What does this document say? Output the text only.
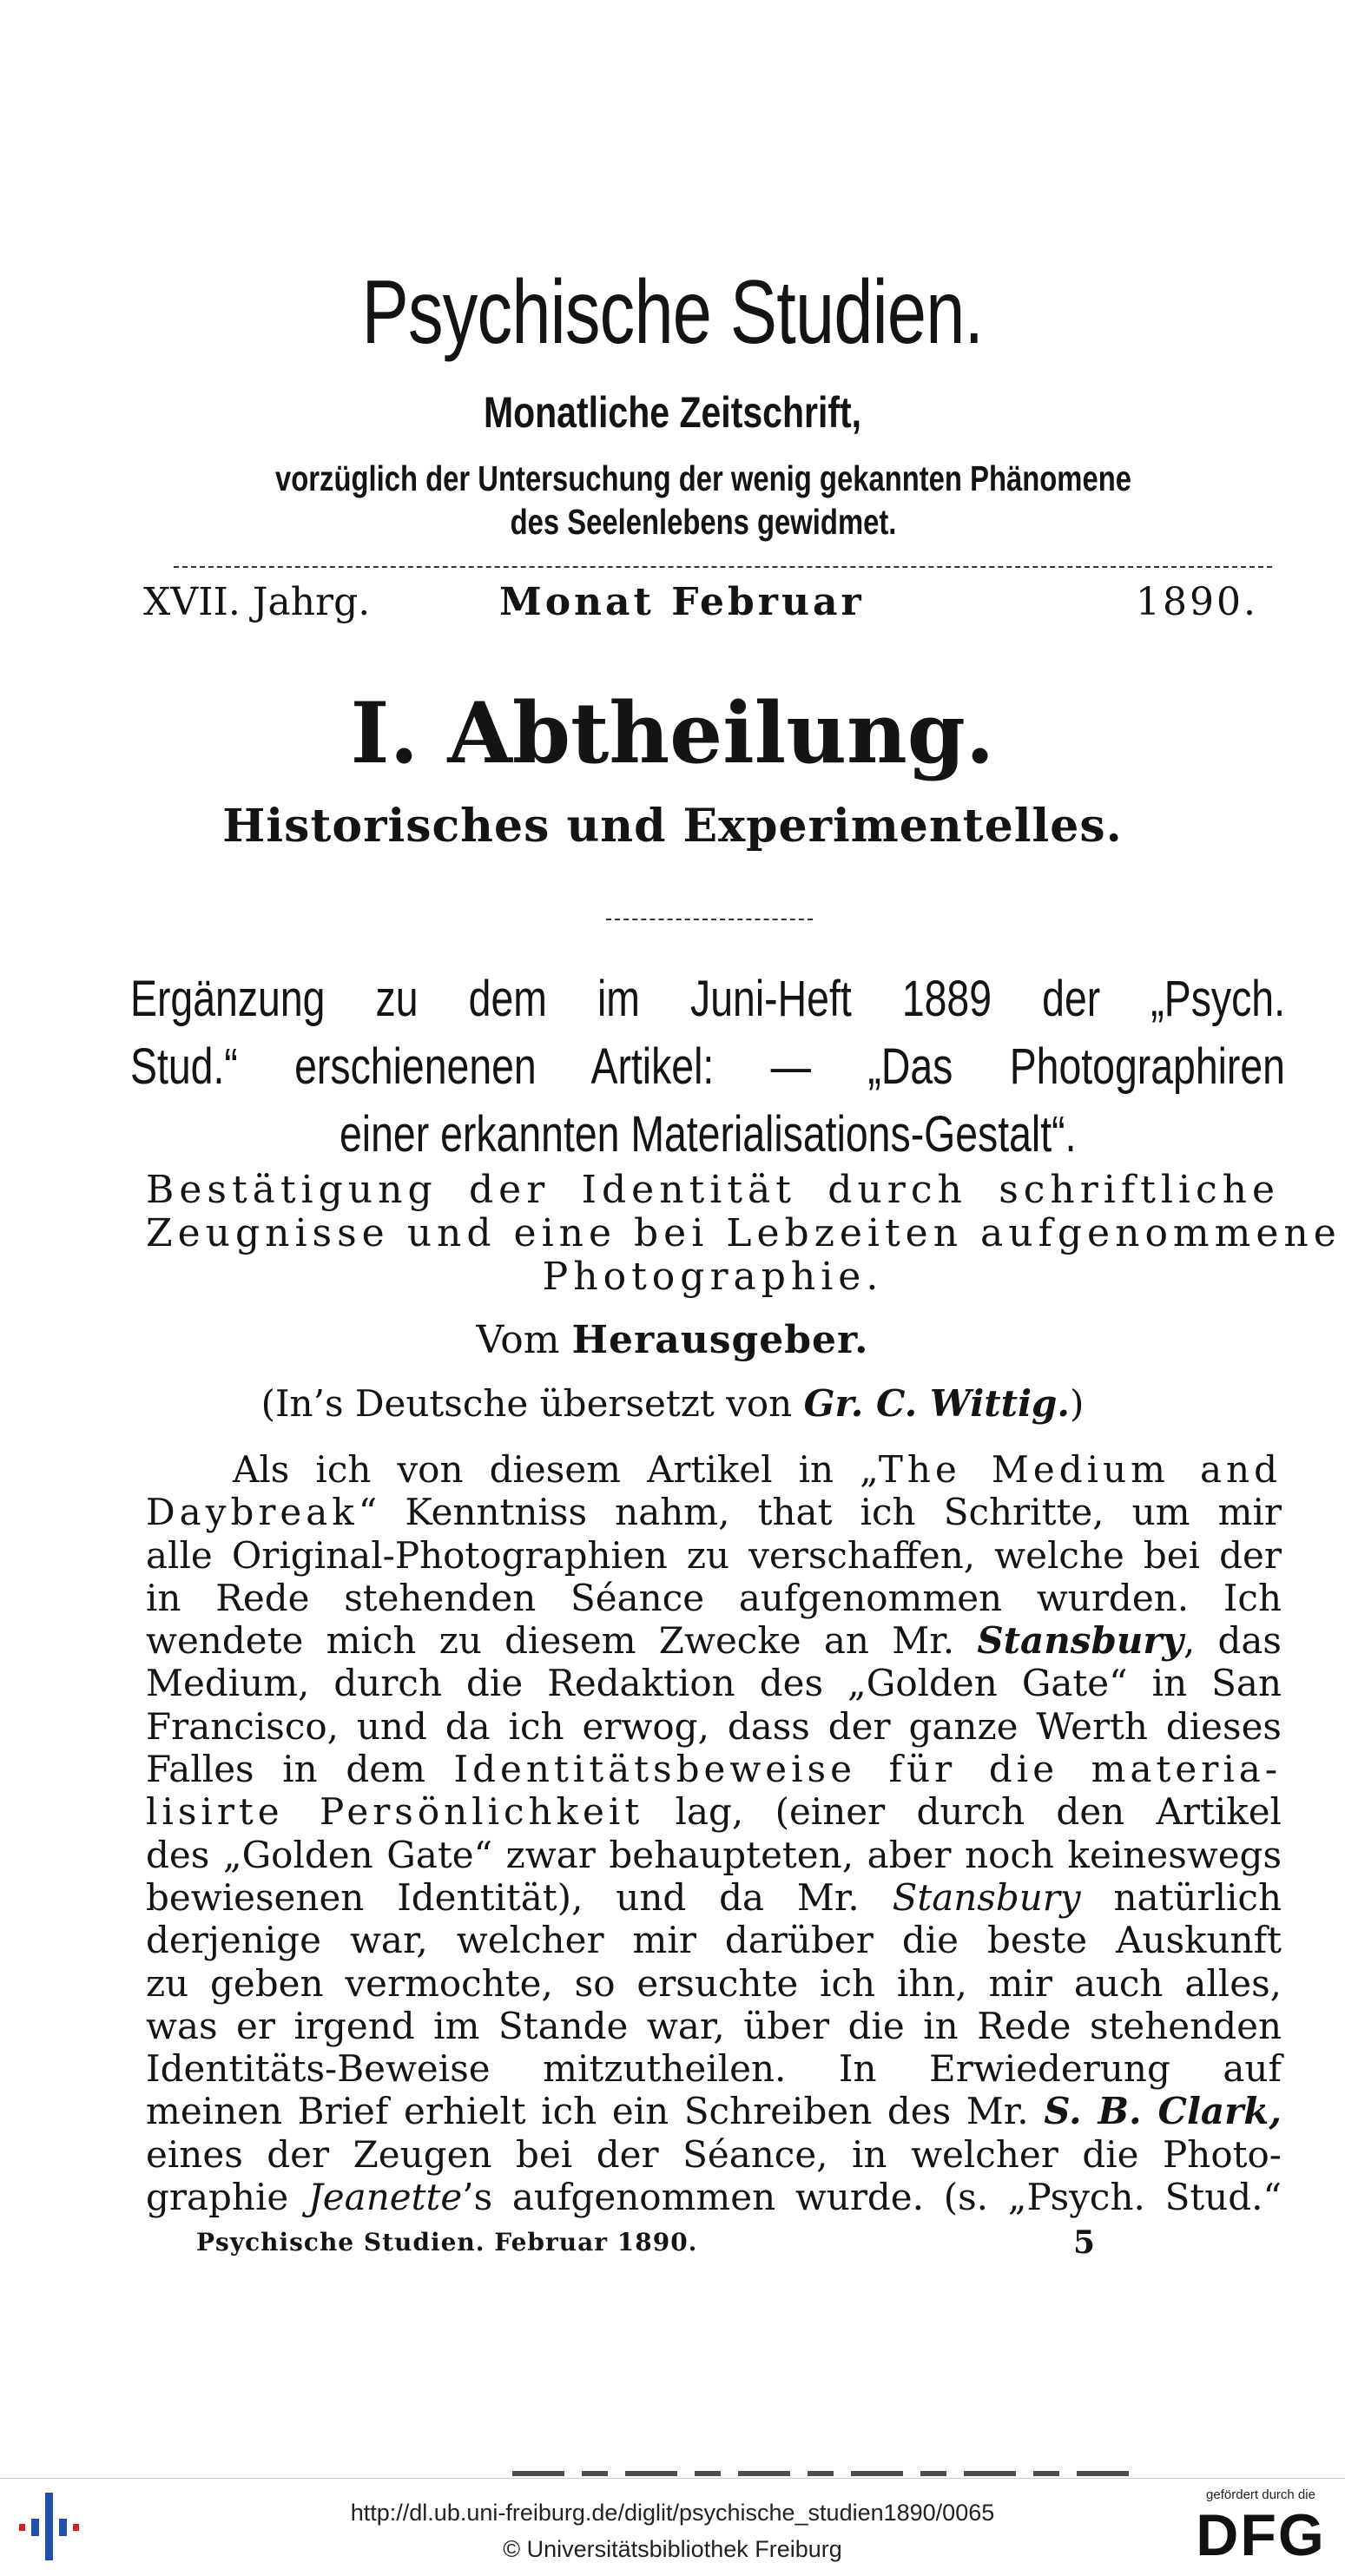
Psychische Studien.
Monatliche Zeitschrift,
vorzüglich der Untersuchung der wenig gekannten Phänomene des Seelenlebens gewidmet.
XVII. Jahrg.	Monat Februar	1890.
I. Abtheilung.
Historisches und Experimentelles.
Ergänzung zu dem im Juni-Heft 1889 der „Psych.
Stud.“ erschienenen Artikel: — „Das Photographiren
einer erkannten Materialisations-Gestalt“.
Bestätigung der Identität durch schriftliche
Zeugnisse und eine bei Lebzeiten aufgenommene
Photographie.
Vom Herausgeber.
(In’s Deutsche übersetzt von Gr. C. Wittig.)
Als ich von diesem Artikel in „The Medium and
Daybreak“ Kenntniss nahm, that ich Schritte, um mir
alle Original-Photographien zu verschaffen, welche bei der
in Rede stehenden Séance aufgenommen wurden. Ich
wendete mich zu diesem Zwecke an Mr. Stansbury, das
Medium, durch die Redaktion des „Golden Gate“ in San
Francisco, und da ich erwog, dass der ganze Werth dieses
Falles in dem Identitätsbeweise für die materia-
lisirte Persönlichkeit lag, (einer durch den Artikel
des „Golden Gate“ zwar behaupteten, aber noch keineswegs
bewiesenen Identität), und da Mr. Stansbury natürlich
derjenige war, welcher mir darüber die beste Auskunft
zu geben vermochte, so ersuchte ich ihn, mir auch alles,
was er irgend im Stande war, über die in Rede stehenden
Identitäts-Beweise mitzutheilen. In Erwiederung auf
meinen Brief erhielt ich ein Schreiben des Mr. S. B. Clark,
eines der Zeugen bei der Séance, in welcher die Photo-
graphie Jeanette’s aufgenommen wurde. (s. „Psych. Stud.“
Psychische Studien. Februar 1890.	5
http://dl.ub.uni-freiburg.de/diglit/psychische_studien1890/0065
© Universitätsbibliothek Freiburg
gefördert durch die
DFG
